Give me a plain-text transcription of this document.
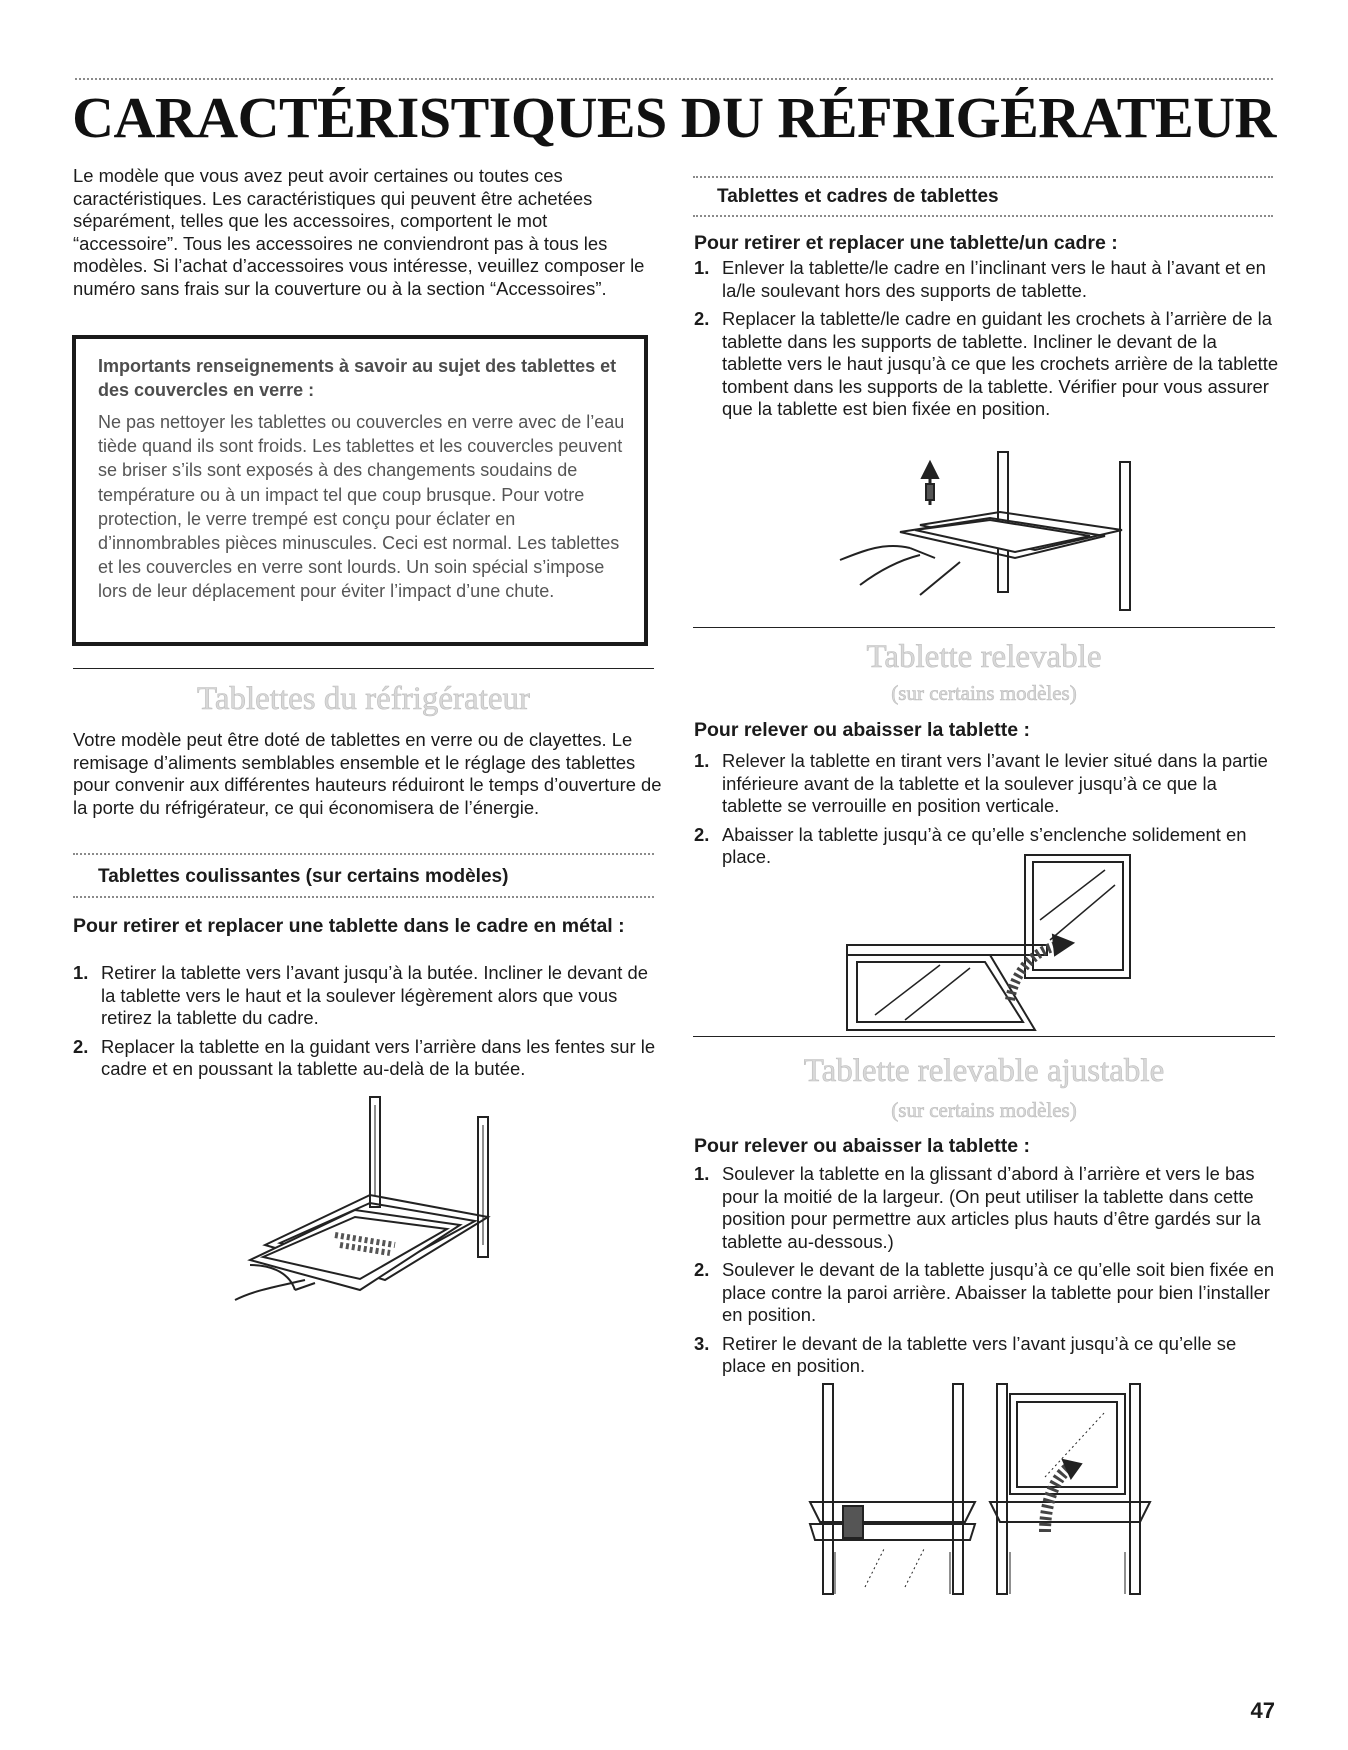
CARACTÉRISTIQUES DU RÉFRIGÉRATEUR

Le modèle que vous avez peut avoir certaines ou toutes ces caractéristiques. Les caractéristiques qui peuvent être achetées séparément, telles que les accessoires, comportent le mot “accessoire”. Tous les accessoires ne conviendront pas à tous les modèles. Si l’achat d’accessoires vous intéresse, veuillez composer le numéro sans frais sur la couverture ou à la section “Accessoires”.

Importants renseignements à savoir au sujet des tablettes et des couvercles en verre :

Ne pas nettoyer les tablettes ou couvercles en verre avec de l’eau tiède quand ils sont froids. Les tablettes et les couvercles peuvent se briser s’ils sont exposés à des changements soudains de température ou à un impact tel que coup brusque. Pour votre protection, le verre trempé est conçu pour éclater en d’innombrables pièces minuscules. Ceci est normal. Les tablettes et les couvercles en verre sont lourds. Un soin spécial s’impose lors de leur déplacement pour éviter l’impact d’une chute.

Tablettes du réfrigérateur

Votre modèle peut être doté de tablettes en verre ou de clayettes. Le remisage d’aliments semblables ensemble et le réglage des tablettes pour convenir aux différentes hauteurs réduiront le temps d’ouverture de la porte du réfrigérateur, ce qui économisera de l’énergie.

Tablettes coulissantes (sur certains modèles)

Pour retirer et replacer une tablette dans le cadre en métal :

1. Retirer la tablette vers l’avant jusqu’à la butée. Incliner le devant de la tablette vers le haut et la soulever légèrement alors que vous retirez la tablette du cadre.
2. Replacer la tablette en la guidant vers l’arrière dans les fentes sur le cadre et en poussant la tablette au-delà de la butée.

Tablettes et cadres de tablettes

Pour retirer et replacer une tablette/un cadre :

1. Enlever la tablette/le cadre en l’inclinant vers le haut à l’avant et en la/le soulevant hors des supports de tablette.
2. Replacer la tablette/le cadre en guidant les crochets à l’arrière de la tablette dans les supports de tablette. Incliner le devant de la tablette vers le haut jusqu’à ce que les crochets arrière de la tablette tombent dans les supports de la tablette. Vérifier pour vous assurer que la tablette est bien fixée en position.
Tablette relevable
(sur certains modèles)

Pour relever ou abaisser la tablette :

1. Relever la tablette en tirant vers l’avant le levier situé dans la partie inférieure avant de la tablette et la soulever jusqu’à ce que la tablette se verrouille en position verticale.
2. Abaisser la tablette jusqu’à ce qu’elle s’enclenche solidement en place.
Tablette relevable ajustable
(sur certains modèles)

Pour relever ou abaisser la tablette :

1. Soulever la tablette en la glissant d’abord à l’arrière et vers le bas pour la moitié de la largeur. (On peut utiliser la tablette dans cette position pour permettre aux articles plus hauts d’être gardés sur la tablette au-dessous.)
2. Soulever le devant de la tablette jusqu’à ce qu’elle soit bien fixée en place contre la paroi arrière. Abaisser la tablette pour bien l’installer en position.
3. Retirer le devant de la tablette vers l’avant jusqu’à ce qu’elle se place en position.
47
